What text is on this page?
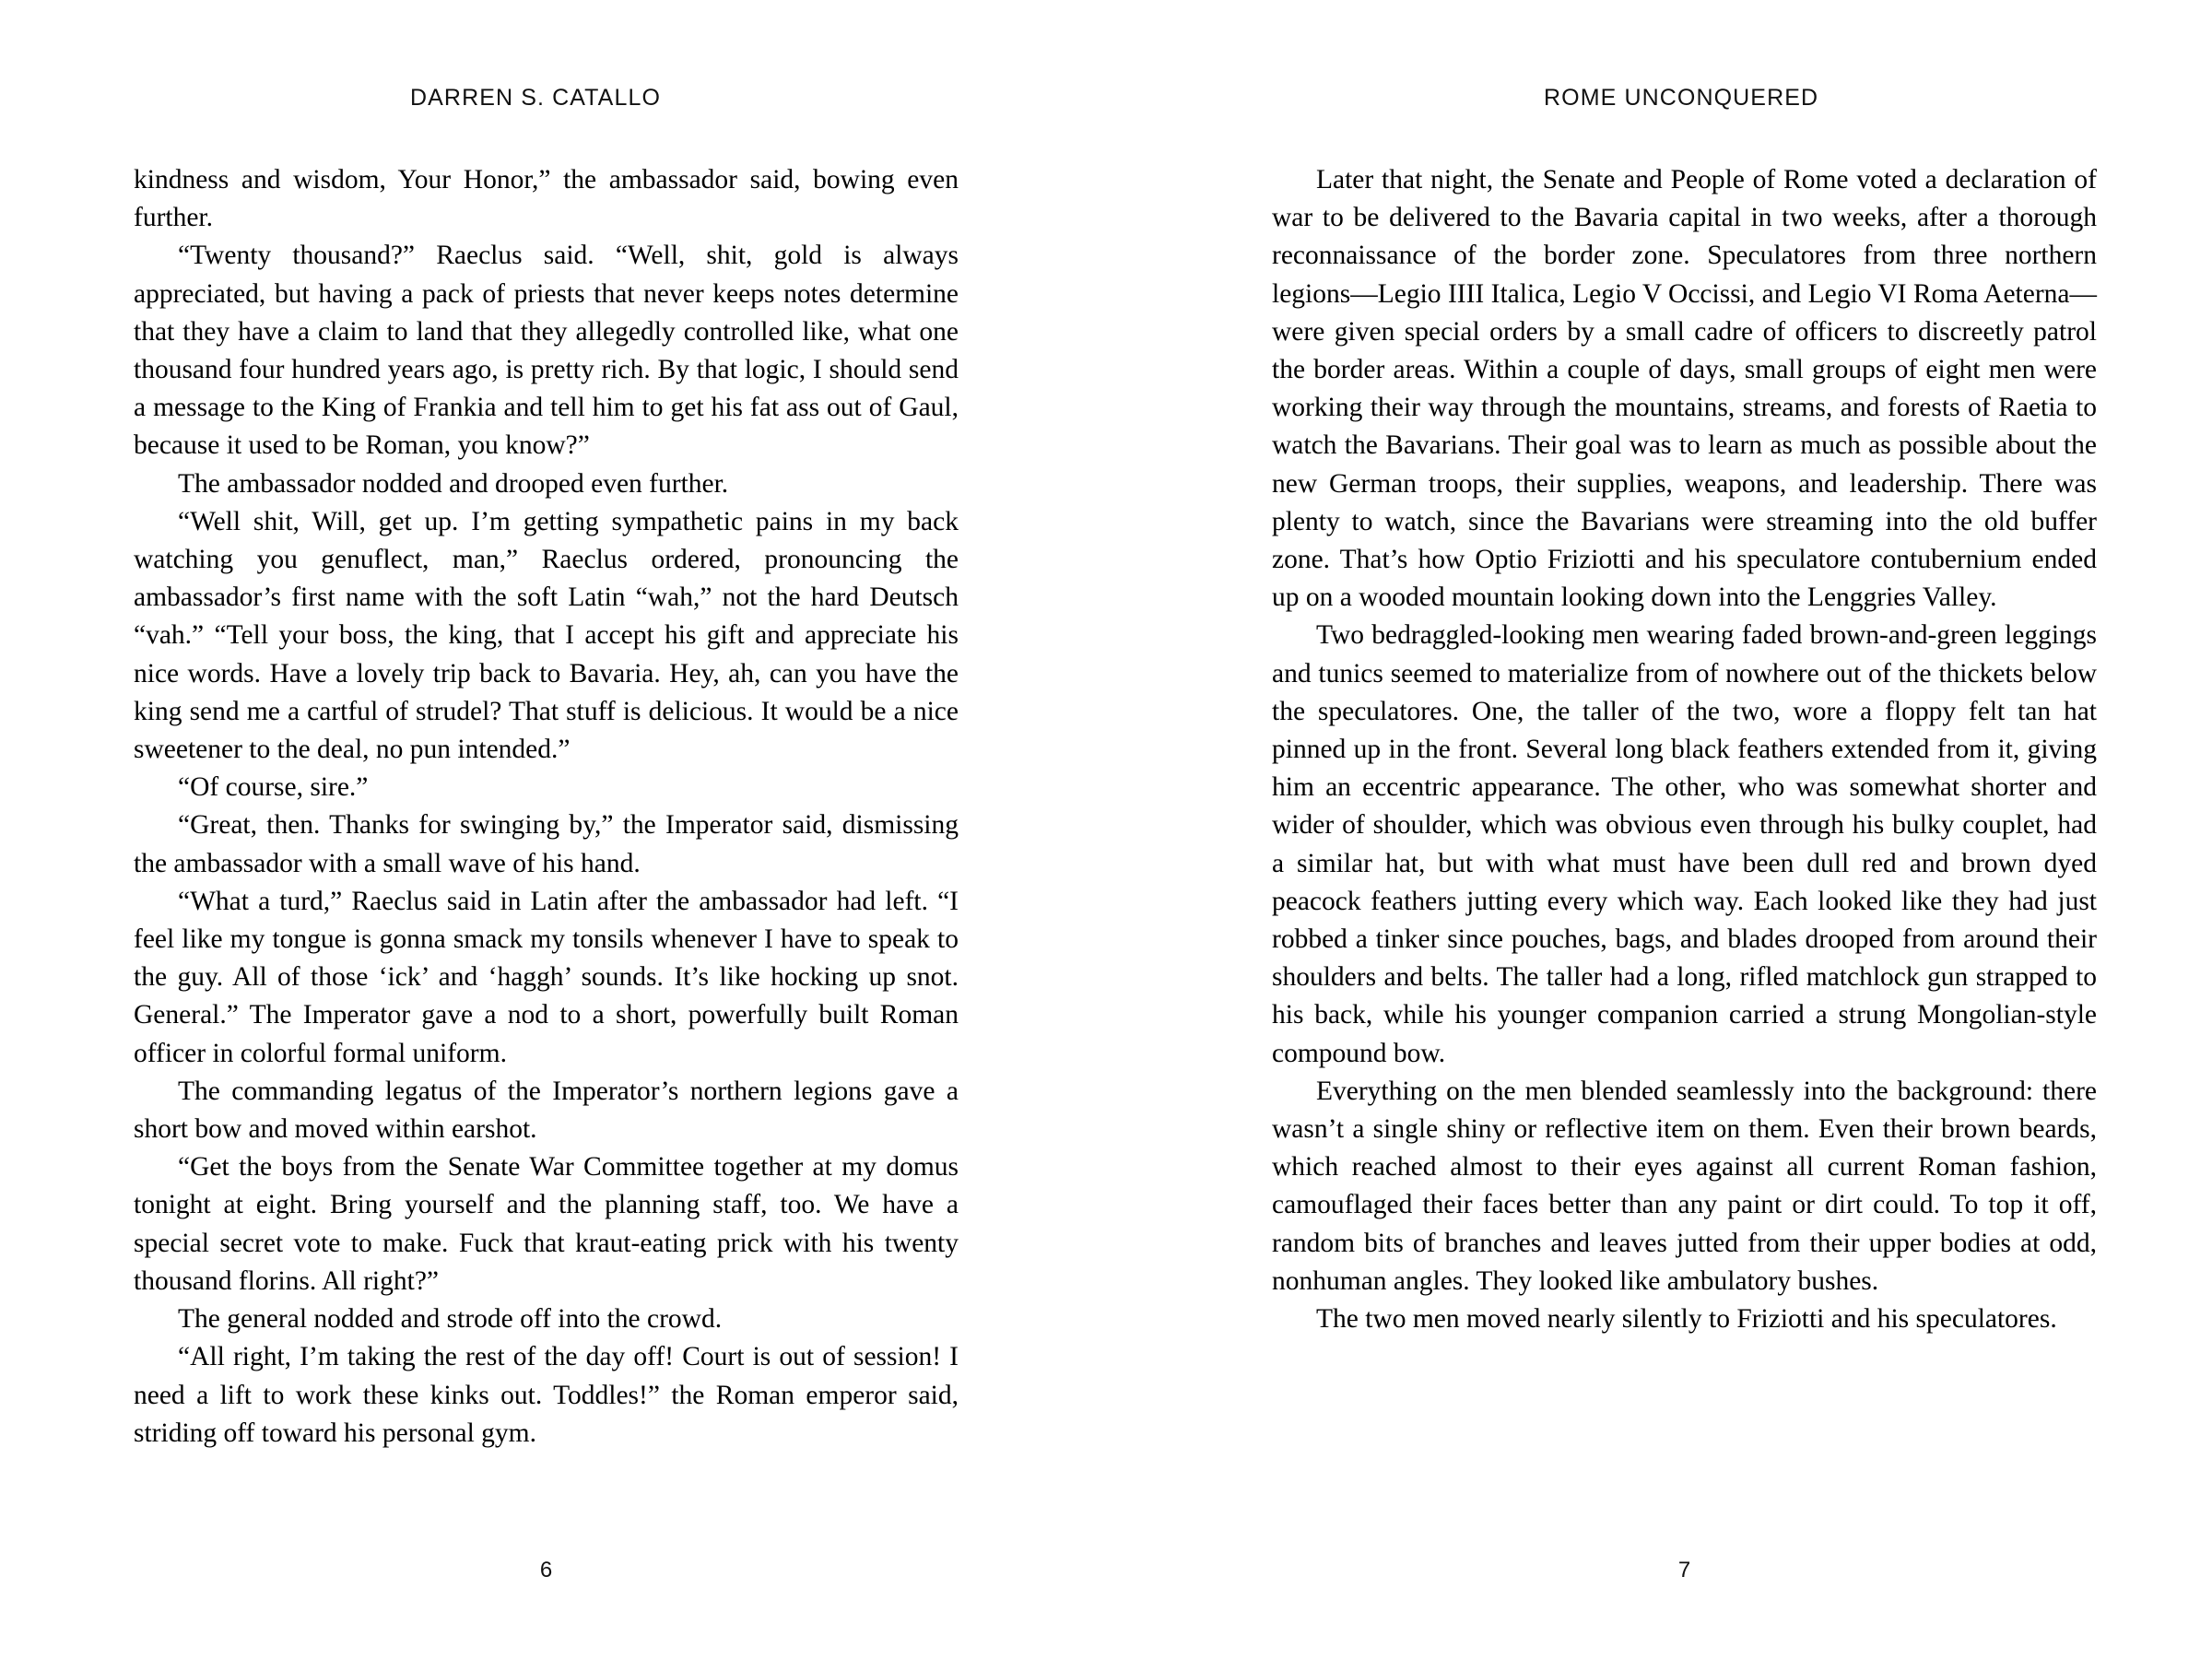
DARREN S. CATALLO	ROME UNCONQUERED

kindness and wisdom, Your Honor,” the ambassador said, bowing even further.

“Twenty thousand?” Raeclus said. “Well, shit, gold is always appreciated, but having a pack of priests that never keeps notes determine that they have a claim to land that they allegedly controlled like, what one thousand four hundred years ago, is pretty rich. By that logic, I should send a message to the King of Frankia and tell him to get his fat ass out of Gaul, because it used to be Roman, you know?”

The ambassador nodded and drooped even further.

“Well shit, Will, get up. I’m getting sympathetic pains in my back watching you genuflect, man,” Raeclus ordered, pronouncing the ambassador’s first name with the soft Latin “wah,” not the hard Deutsch “vah.” “Tell your boss, the king, that I accept his gift and appreciate his nice words. Have a lovely trip back to Bavaria. Hey, ah, can you have the king send me a cartful of strudel? That stuff is delicious. It would be a nice sweetener to the deal, no pun intended.”

“Of course, sire.”

“Great, then. Thanks for swinging by,” the Imperator said, dismissing the ambassador with a small wave of his hand.

“What a turd,” Raeclus said in Latin after the ambassador had left. “I feel like my tongue is gonna smack my tonsils whenever I have to speak to the guy. All of those ‘ick’ and ‘haggh’ sounds. It’s like hocking up snot. General.” The Imperator gave a nod to a short, powerfully built Roman officer in colorful formal uniform.

The commanding legatus of the Imperator’s northern legions gave a short bow and moved within earshot.

“Get the boys from the Senate War Committee together at my domus tonight at eight. Bring yourself and the planning staff, too. We have a special secret vote to make. Fuck that kraut-eating prick with his twenty thousand florins. All right?”

The general nodded and strode off into the crowd.

“All right, I’m taking the rest of the day off! Court is out of session! I need a lift to work these kinks out. Toddles!” the Roman emperor said, striding off toward his personal gym.

Later that night, the Senate and People of Rome voted a declaration of war to be delivered to the Bavaria capital in two weeks, after a thorough reconnaissance of the border zone. Speculatores from three northern legions—Legio IIII Italica, Legio V Occissi, and Legio VI Roma Aeterna—were given special orders by a small cadre of officers to discreetly patrol the border areas. Within a couple of days, small groups of eight men were working their way through the mountains, streams, and forests of Raetia to watch the Bavarians. Their goal was to learn as much as possible about the new German troops, their supplies, weapons, and leadership. There was plenty to watch, since the Bavarians were streaming into the old buffer zone. That’s how Optio Friziotti and his speculatore contubernium ended up on a wooded mountain looking down into the Lenggries Valley.

Two bedraggled-looking men wearing faded brown-and-green leggings and tunics seemed to materialize from of nowhere out of the thickets below the speculatores. One, the taller of the two, wore a floppy felt tan hat pinned up in the front. Several long black feathers extended from it, giving him an eccentric appearance. The other, who was somewhat shorter and wider of shoulder, which was obvious even through his bulky couplet, had a similar hat, but with what must have been dull red and brown dyed peacock feathers jutting every which way. Each looked like they had just robbed a tinker since pouches, bags, and blades drooped from around their shoulders and belts. The taller had a long, rifled matchlock gun strapped to his back, while his younger companion carried a strung Mongolian-style compound bow.

Everything on the men blended seamlessly into the background: there wasn’t a single shiny or reflective item on them. Even their brown beards, which reached almost to their eyes against all current Roman fashion, camouflaged their faces better than any paint or dirt could. To top it off, random bits of branches and leaves jutted from their upper bodies at odd, nonhuman angles. They looked like ambulatory bushes.

The two men moved nearly silently to Friziotti and his speculatores.

6	7
